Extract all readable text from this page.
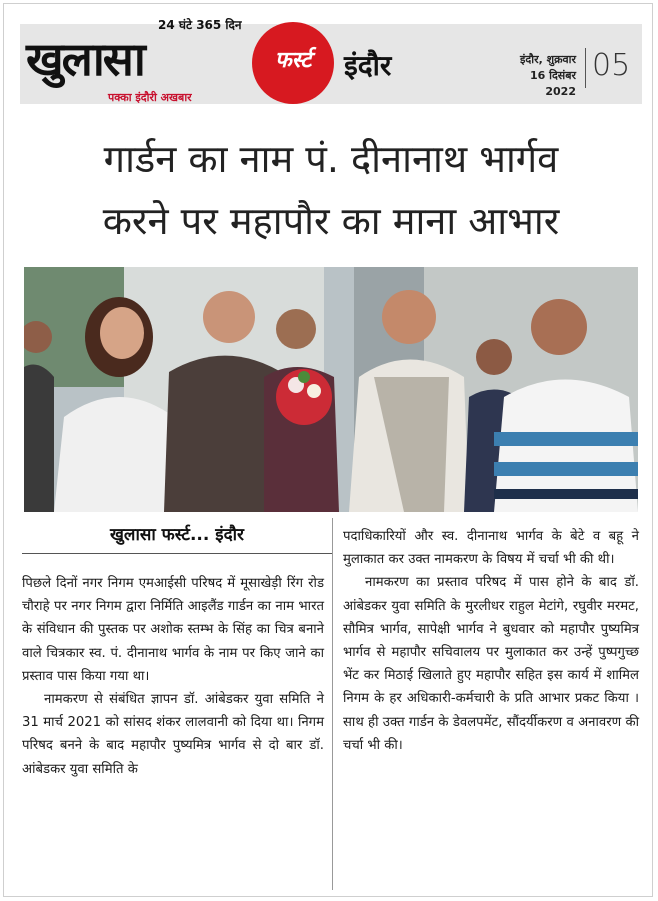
24 घंटे 365 दिन
खुलासा
पक्का इंदौरी अखबार
फर्स्ट	इंदौर	इंदौर, शुक्रवार
16 दिसंबर 2022
05
गार्डन का नाम पं. दीनानाथ भार्गव
करने पर महापौर का माना आभार
खुलासा फर्स्ट... इंदौर

पिछले दिनों नगर निगम एमआईसी परिषद में मूसाखेड़ी रिंग रोड चौराहे पर नगर निगम द्वारा निर्मिति आइलैंड गार्डन का नाम भारत के संविधान की पुस्तक पर अशोक स्तम्भ के सिंह का चित्र बनाने वाले चित्रकार स्व. पं. दीनानाथ भार्गव के नाम पर किए जाने का प्रस्ताव पास किया गया था।

नामकरण से संबंधित ज्ञापन डॉ. आंबेडकर युवा समिति ने 31 मार्च 2021 को सांसद शंकर लालवानी को दिया था। निगम परिषद बनने के बाद महापौर पुष्यमित्र भार्गव से दो बार डॉ. आंबेडकर युवा समिति के

पदाधिकारियों और स्व. दीनानाथ भार्गव के बेटे व बहू ने मुलाकात कर उक्त नामकरण के विषय में चर्चा भी की थी।

नामकरण का प्रस्ताव परिषद में पास होने के बाद डॉ. आंबेडकर युवा समिति के मुरलीधर राहुल मेटांगे, रघुवीर मरमट, सौमित्र भार्गव, सापेक्षी भार्गव ने बुधवार को महापौर पुष्यमित्र भार्गव से महापौर सचिवालय पर मुलाकात कर उन्हें पुष्पगुच्छ भेंट कर मिठाई खिलाते हुए महापौर सहित इस कार्य में शामिल निगम के हर अधिकारी-कर्मचारी के प्रति आभार प्रकट किया । साथ ही उक्त गार्डन के डेवलपमेंट, सौंदर्यीकरण व अनावरण की चर्चा भी की।
